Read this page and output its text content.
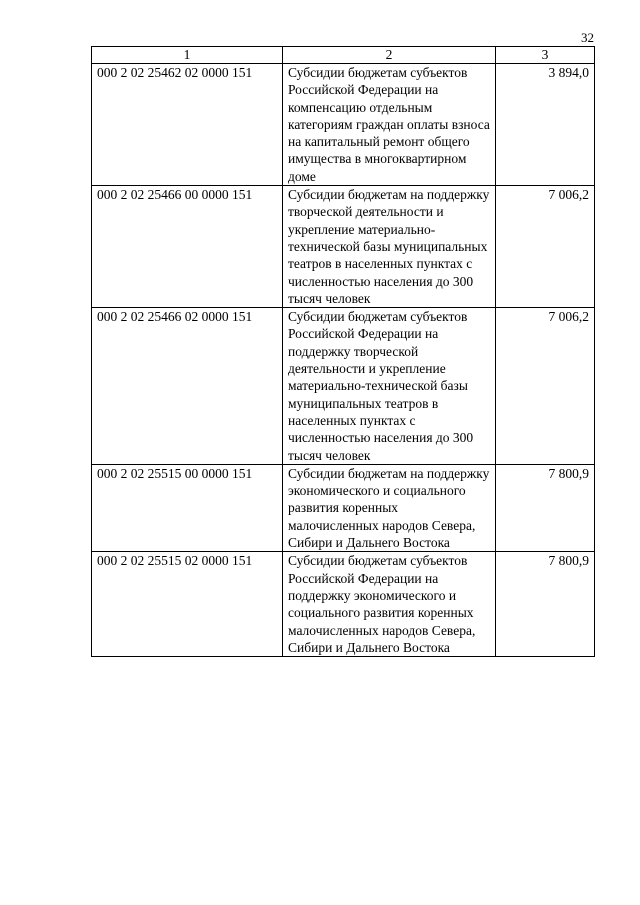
32
1	2	3
000 2 02 25462 02 0000 151	Субсидии бюджетам субъектов Российской Федерации на компенсацию отдельным категориям граждан оплаты взноса на капитальный ремонт общего имущества в многоквартирном доме	3 894,0
000 2 02 25466 00 0000 151	Субсидии бюджетам на поддержку творческой деятельности и укрепление материально-технической базы муниципальных театров в населенных пунктах с численностью населения до 300 тысяч человек	7 006,2
000 2 02 25466 02 0000 151	Субсидии бюджетам субъектов Российской Федерации на поддержку творческой деятельности и укрепление материально-технической базы муниципальных театров в населенных пунктах с численностью населения до 300 тысяч человек	7 006,2
000 2 02 25515 00 0000 151	Субсидии бюджетам на поддержку экономического и социального развития коренных малочисленных народов Севера, Сибири и Дальнего Востока	7 800,9
000 2 02 25515 02 0000 151	Субсидии бюджетам субъектов Российской Федерации на поддержку экономического и социального развития коренных малочисленных народов Севера, Сибири и Дальнего Востока	7 800,9
